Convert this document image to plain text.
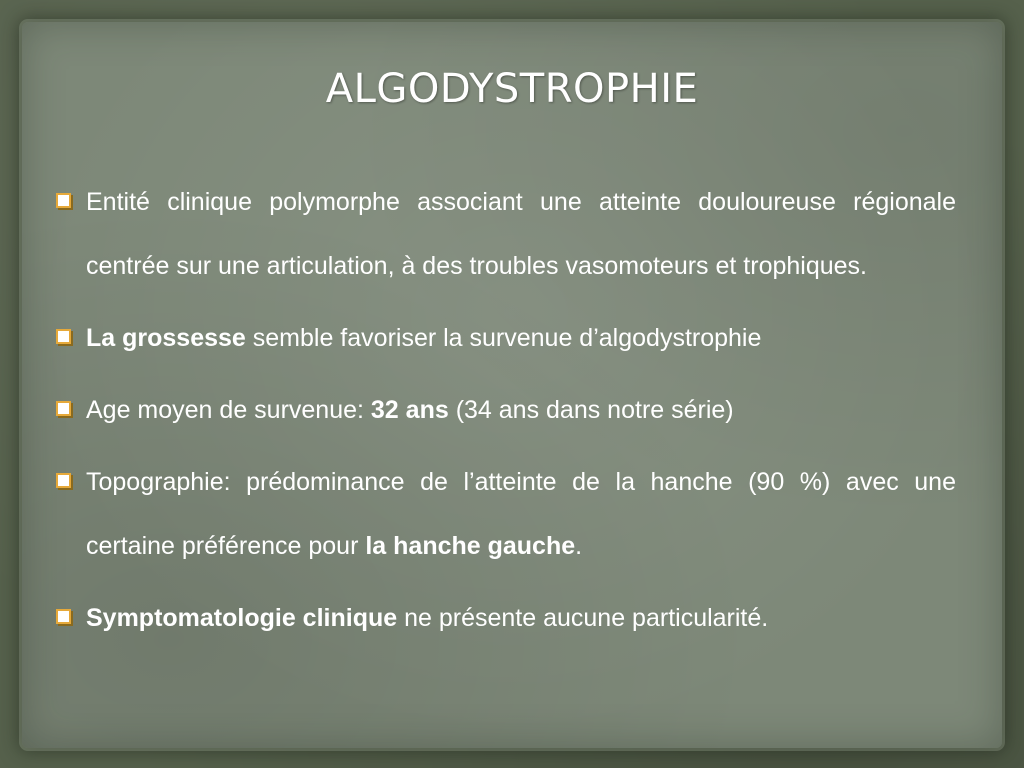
ALGODYSTROPHIE
Entité clinique polymorphe associant une atteinte douloureuse régionale centrée sur une articulation, à des troubles vasomoteurs et trophiques.
La grossesse semble favoriser la survenue d’algodystrophie
Age moyen de survenue: 32 ans (34 ans dans notre série)
Topographie: prédominance de l’atteinte de la hanche (90 %) avec une certaine préférence pour la hanche gauche.
Symptomatologie clinique ne présente aucune particularité.
